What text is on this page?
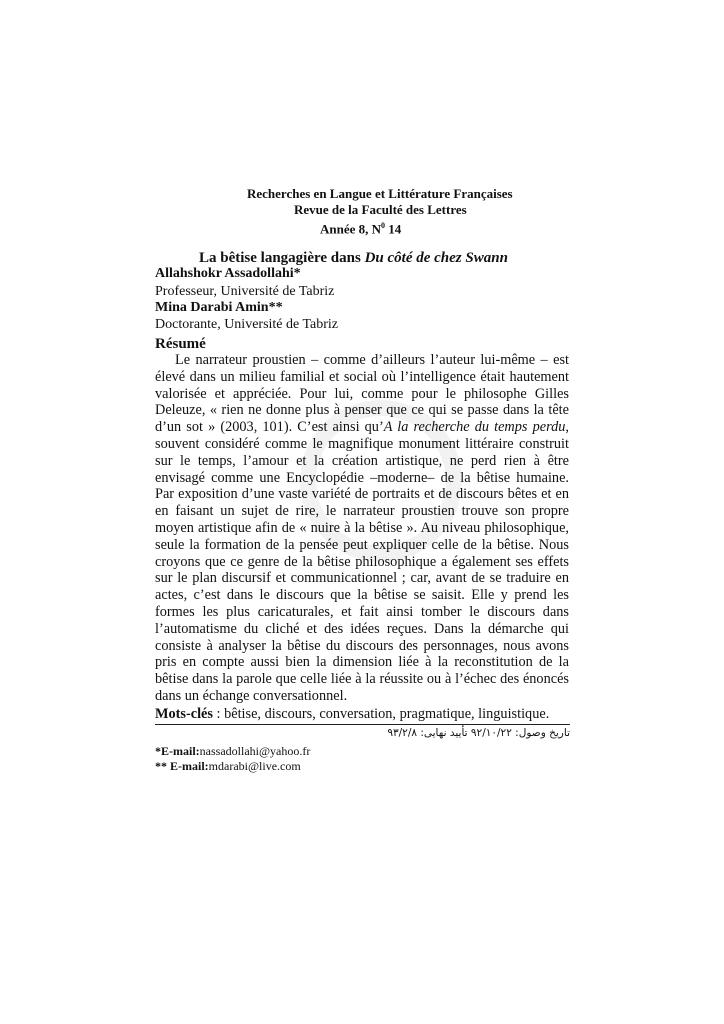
Recherches en Langue et Littérature Françaises
Revue de la Faculté des Lettres
Année 8, $N^0$ 14
La bêtise langagière dans Du côté de chez Swann
Allahshokr Assadollahi*
Professeur, Université de Tabriz
Mina Darabi Amin**
Doctorante, Université de Tabriz
Résumé

Le narrateur proustien – comme d’ailleurs l’auteur lui-même – est élevé dans un milieu familial et social où l’intelligence était hautement valorisée et appréciée. Pour lui, comme pour le philosophe Gilles Deleuze, « rien ne donne plus à penser que ce qui se passe dans la tête d’un sot » (2003, 101). C’est ainsi qu’A la recherche du temps perdu, souvent considéré comme le magnifique monument littéraire construit sur le temps, l’amour et la création artistique, ne perd rien à être envisagé comme une Encyclopédie –moderne– de la bêtise humaine. Par exposition d’une vaste variété de portraits et de discours bêtes et en en faisant un sujet de rire, le narrateur proustien trouve son propre moyen artistique afin de « nuire à la bêtise ». Au niveau philosophique, seule la formation de la pensée peut expliquer celle de la bêtise. Nous croyons que ce genre de la bêtise philosophique a également ses effets sur le plan discursif et communicationnel ; car, avant de se traduire en actes, c’est dans le discours que la bêtise se saisit. Elle y prend les formes les plus caricaturales, et fait ainsi tomber le discours dans l’automatisme du cliché et des idées reçues. Dans la démarche qui consiste à analyser la bêtise du discours des personnages, nous avons pris en compte aussi bien la dimension liée à la reconstitution de la bêtise dans la parole que celle liée à la réussite ou à l’échec des énoncés dans un échange conversationnel.

Mots-clés : bêtise, discours, conversation, pragmatique, linguistique.
تاریخ وصول: ۹۲/۱۰/۲۲ تأیید نهایی: ۹۳/۲/۸
*E-mail:nassadollahi@yahoo.fr
** E-mail:mdarabi@live.com
